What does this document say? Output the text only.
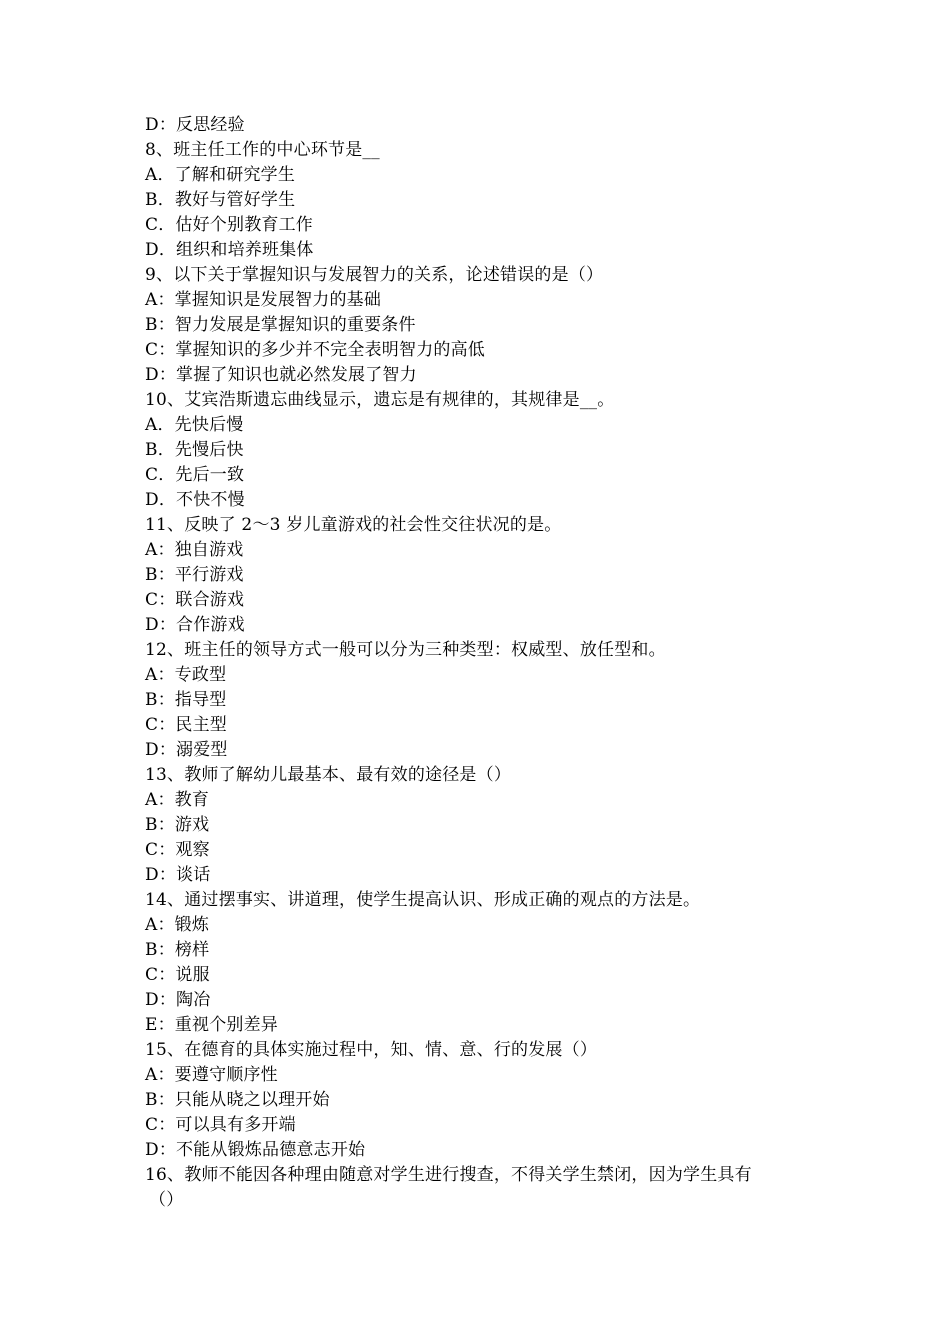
D：反思经验
8、班主任工作的中心环节是__
A．了解和研究学生
B．教好与管好学生
C．估好个别教育工作
D．组织和培养班集体
9、以下关于掌握知识与发展智力的关系，论述错误的是（）
A：掌握知识是发展智力的基础
B：智力发展是掌握知识的重要条件
C：掌握知识的多少并不完全表明智力的高低
D：掌握了知识也就必然发展了智力
10、艾宾浩斯遗忘曲线显示，遗忘是有规律的，其规律是__。
A．先快后慢
B．先慢后快
C．先后一致
D．不快不慢
11、反映了 2～3 岁儿童游戏的社会性交往状况的是。
A：独自游戏
B：平行游戏
C：联合游戏
D：合作游戏
12、班主任的领导方式一般可以分为三种类型：权威型、放任型和。
A：专政型
B：指导型
C：民主型
D：溺爱型
13、教师了解幼儿最基本、最有效的途径是（）
A：教育
B：游戏
C：观察
D：谈话
14、通过摆事实、讲道理，使学生提高认识、形成正确的观点的方法是。
A：锻炼
B：榜样
C：说服
D：陶冶
E：重视个别差异
15、在德育的具体实施过程中，知、情、意、行的发展（）
A：要遵守顺序性
B：只能从晓之以理开始
C：可以具有多开端
D：不能从锻炼品德意志开始
16、教师不能因各种理由随意对学生进行搜查，不得关学生禁闭，因为学生具有
（）
